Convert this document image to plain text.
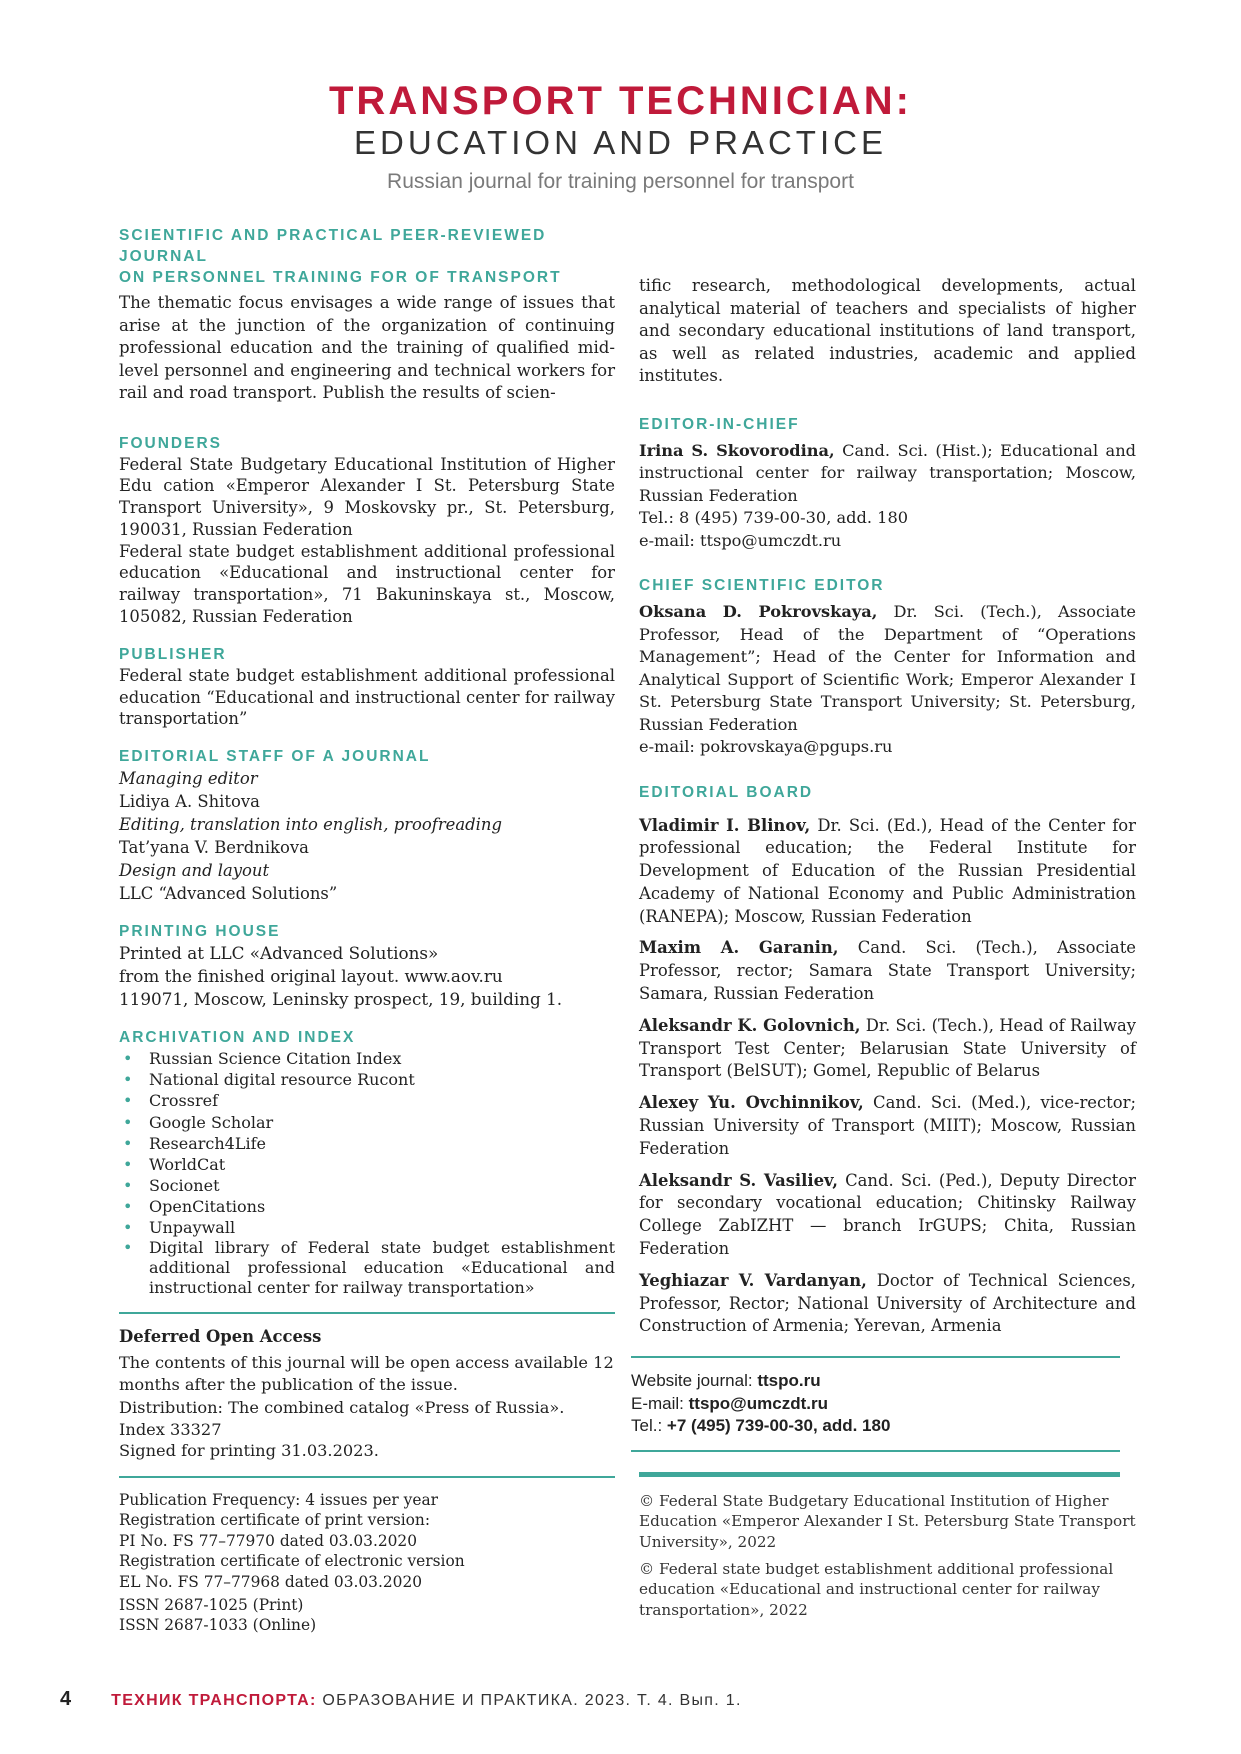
TRANSPORT TECHNICIAN:
EDUCATION AND PRACTICE
Russian journal for training personnel for transport
SCIENTIFIC AND PRACTICAL PEER-REVIEWED JOURNAL
ON PERSONNEL TRAINING FOR OF TRANSPORT
The thematic focus envisages a wide range of issues that arise at the junction of the organization of continuing professional education and the training of qualified mid-level personnel and engineering and technical workers for rail and road transport. Publish the results of scien-
FOUNDERS
Federal State Budgetary Educational Institution of Higher Edu cation «Emperor Alexander I St. Petersburg State Transport University», 9 Moskovsky pr., St. Petersburg, 190031, Russian Federation
Federal state budget establishment additional professional education «Educational and instructional center for railway transportation», 71 Bakuninskaya st., Moscow, 105082, Russian Federation
PUBLISHER
Federal state budget establishment additional professional education “Educational and instructional center for railway transportation”
EDITORIAL STAFF OF A JOURNAL
Managing editor
Lidiya A. Shitova
Editing, translation into english, proofreading
Tat’yana V. Berdnikova
Design and layout
LLC “Advanced Solutions”
PRINTING HOUSE
Printed at LLC «Advanced Solutions»
from the finished original layout. www.aov.ru
119071, Moscow, Leninsky prospect, 19, building 1.
ARCHIVATION AND INDEX
• Russian Science Citation Index
• National digital resource Rucont
• Crossref
• Google Scholar
• Research4Life
• WorldCat
• Socionet
• OpenCitations
• Unpaywall
• Digital library of Federal state budget establishment additional professional education «Educational and instructional center for railway transportation»
Deferred Open Access
The contents of this journal will be open access available 12 months after the publication of the issue.
Distribution: The combined catalog «Press of Russia».
Index 33327
Signed for printing 31.03.2023.
Publication Frequency: 4 issues per year
Registration certificate of print version:
PI No. FS 77–77970 dated 03.03.2020
Registration certificate of electronic version
EL No. FS 77–77968 dated 03.03.2020
ISSN 2687-1025 (Print)
ISSN 2687-1033 (Online)
tific research, methodological developments, actual analytical material of teachers and specialists of higher and secondary educational institutions of land transport, as well as related industries, academic and applied institutes.
EDITOR-IN-CHIEF
Irina S. Skovorodina, Cand. Sci. (Hist.); Educational and instructional center for railway transportation; Moscow, Russian Federation
Tel.: 8 (495) 739-00-30, add. 180
e-mail: ttspo@umczdt.ru
CHIEF SCIENTIFIC EDITOR
Oksana D. Pokrovskaya, Dr. Sci. (Tech.), Associate Professor, Head of the Department of “Operations Management”; Head of the Center for Information and Analytical Support of Scientific Work; Emperor Alexander I St. Petersburg State Transport University; St. Petersburg, Russian Federation
e-mail: pokrovskaya@pgups.ru
EDITORIAL BOARD

Vladimir I. Blinov, Dr. Sci. (Ed.), Head of the Center for professional education; the Federal Institute for Development of Education of the Russian Presidential Academy of National Economy and Public Administration (RANEPA); Moscow, Russian Federation

Maxim A. Garanin, Cand. Sci. (Tech.), Associate Professor, rector; Samara State Transport University; Samara, Russian Federation

Aleksandr K. Golovnich, Dr. Sci. (Tech.), Head of Railway Transport Test Center; Belarusian State University of Transport (BelSUT); Gomel, Republic of Belarus

Alexey Yu. Ovchinnikov, Cand. Sci. (Med.), vice-rector; Russian University of Transport (MIIT); Moscow, Russian Federation

Aleksandr S. Vasiliev, Cand. Sci. (Ped.), Deputy Director for secondary vocational education; Chitinsky Railway College ZabIZHT — branch IrGUPS; Chita, Russian Federation

Yeghiazar V. Vardanyan, Doctor of Technical Sciences, Professor, Rector; National University of Architecture and Construction of Armenia; Yerevan, Armenia

Website journal: ttspo.ru
E-mail: ttspo@umczdt.ru
Tel.: +7 (495) 739-00-30, add. 180
© Federal State Budgetary Educational Institution of Higher Education «Emperor Alexander I St. Petersburg State Transport University», 2022
© Federal state budget establishment additional professional education «Educational and instructional center for railway transportation», 2022
4	ТЕХНИК ТРАНСПОРТА: ОБРАЗОВАНИЕ И ПРАКТИКА. 2023. Т. 4. Вып. 1.
